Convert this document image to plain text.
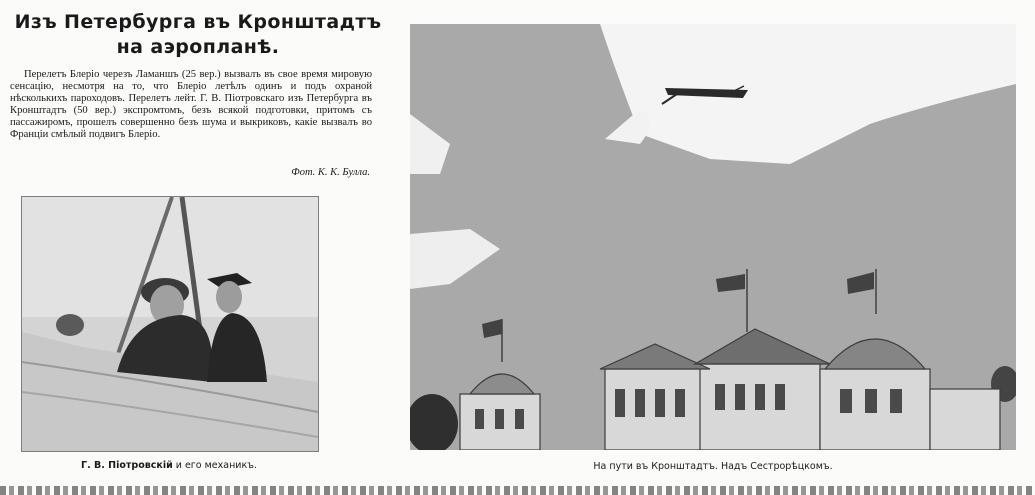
Изъ Петербурга въ Кронштадтъ
на аэропланѣ.
Перелетъ Блеріо черезъ Ламаншъ (25 вер.) вызвалъ въ свое время мировую сенсацію, несмотря на то, что Блеріо летѣлъ одинъ и подъ охраной нѣсколькихъ пароходовъ. Перелетъ лейт. Г. В. Піотровскаго изъ Петербурга въ Кронштадтъ (50 вер.) экспромтомъ, безъ всякой подготовки, притомъ съ пассажиромъ, прошелъ совершенно безъ шума и выкриковъ, какіе вызвалъ во Франціи смѣлый подвигъ Блеріо.
Фот. К. К. Булла.
Г. В. Піотровскій и его механикъ.	На пути въ Кронштадтъ. Надъ Сестрорѣцкомъ.
